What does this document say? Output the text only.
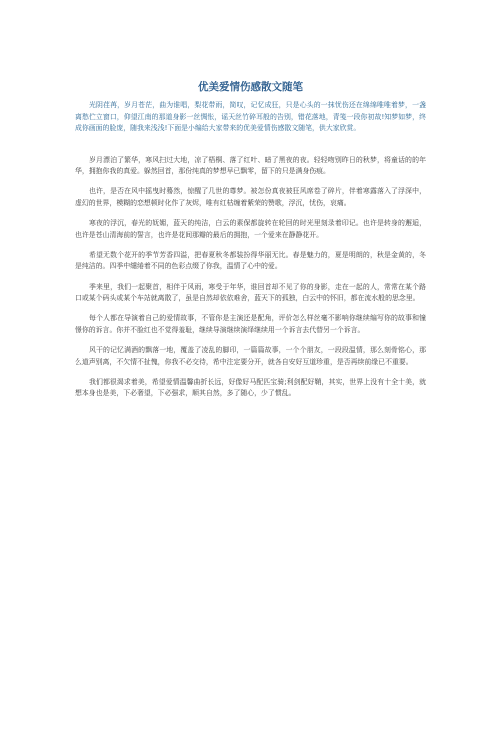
优美爱情伤感散文随笔

光阴荏苒，岁月苍茫，曲为谁唱，梨花带雨，简叹，记忆成狂，只是心头的一抹忧伤还在绵绵唯唯着梦，一盏离愁伫立窗口，仰望江南的那道身影一丝惆怅，谣天丝竹碎耳般的告别，错花落地，青笺一段你初故!知梦如梦，终成你画面的脸庞，随我来浅浅!下面是小编给大家带来的优美爱情伤感散文随笔，供大家欣赏。

岁月漂泊了繁华，寒风扫过大地，凉了梧桐、落了红叶、暗了黑夜的夜。轻轻吻别昨日的秋梦，将童话的的年华，拥抱你我的真爱。躲然回首，那份纯真的梦想早已飘零，留下的只是满身伤痕。

也许，是否在风中摇曳时蓦然，惊醒了几世的尊梦。被怎份真夜被狂风席卷了碎片，伴着寒露落入了浮深中，虚幻的世界，模糊的恋想顿时化作了灰烬，唯有红枯缠着紫荣的赞歌，浮沉，忧伤，哀痛。

寒夜的浮沉，春光的妩媚，蓝天的纯洁，白云的素保都旋转在轮回的时光里刻录着印记。也许是转身的邂逅，也许是苍山清海前的誓言，也许是花间那瓣的最后的拥抱，一个爱来在静静花开。

希望无数个花开的季节芳香四溢，把春夏秋冬都装扮得华丽无比。春是魅力的，夏是明朗的，秋是金黄的，冬是纯洁的。四季中缱绻着不同的色彩点缀了你我，温情了心中的爱。

季来里，我们一起聚首，相伴于风雨，寒受于年华，谁回首却不见了你的身影，走在一起的人，常常在某个路口或某个码头或某个车站就离散了，虽是自然却依依难舍，蓝天下的孤独，白云中的怀旧，都在流水般的思念里。

每个人都在导演着自己的爱情故事，不管你是主演还是配角，评价怎么样丝毫不影响你继续编写你的故事和憧憬你的诉言。你并不脸红也不觉得羞耻，继续导演继续演绎继续用一个诉言去代替另一个诉言。

风干的记忆满酒的飘落一地，覆盖了凌乱的脚印，一篇篇故事，一个个朋友，一段段温情，那么刻骨铭心，那么道声别离，不欠情不扯愧，你我不必交待，希中注定要分开，就各自安好互道珍重，是否再续前缘已不重要。

我们都很渴求着美，希望爱情温馨曲折长远，好像好马配匹宝骑;利剑配好鞘，其实，世界上没有十全十美，就想本身也是美，下必奢望，下必强求，顺其自然，多了随心，少了惯乱。
